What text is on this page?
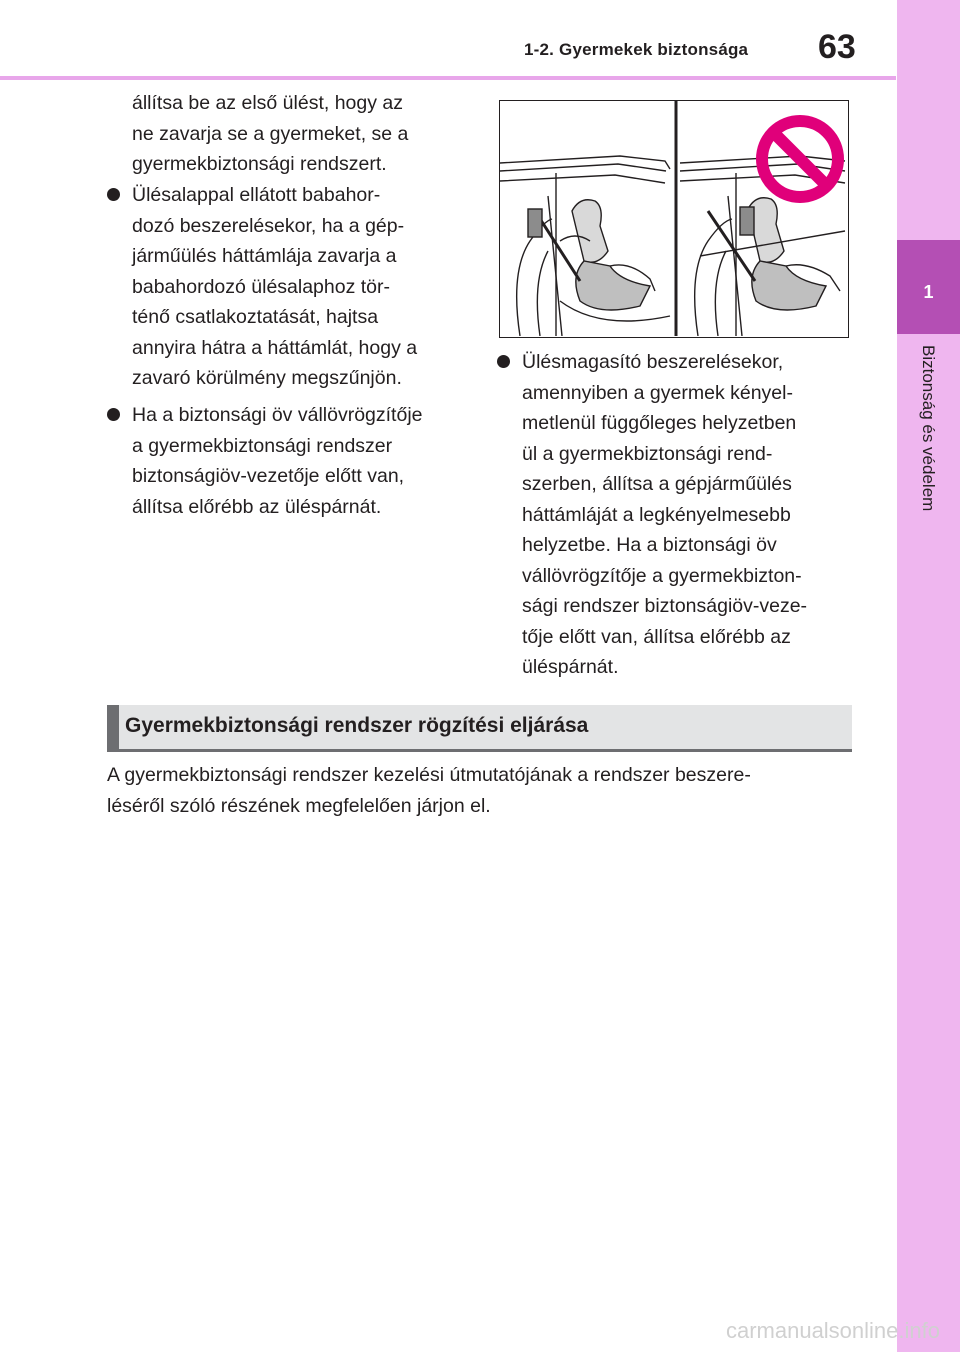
1-2. Gyermekek biztonsága 63
1
Biztonság és védelem
állítsa be az első ülést, hogy az
ne zavarja se a gyermeket, se a
gyermekbiztonsági rendszert.
Ülésalappal ellátott babahor-
dozó beszerelésekor, ha a gép-
járműülés háttámlája zavarja a
babahordozó ülésalaphoz tör-
ténő csatlakoztatását, hajtsa
annyira hátra a háttámlát, hogy a
zavaró körülmény megszűnjön.
Ha a biztonsági öv vállövrögzítője
a gyermekbiztonsági rendszer
biztonságiöv-vezetője előtt van,
állítsa előrébb az üléspárnát.
Ülésmagasító beszerelésekor,
amennyiben a gyermek kényel-
metlenül függőleges helyzetben
ül a gyermekbiztonsági rend-
szerben, állítsa a gépjárműülés
háttámláját a legkényelmesebb
helyzetbe. Ha a biztonsági öv
vállövrögzítője a gyermekbizton-
sági rendszer biztonságiöv-veze-
tője előtt van, állítsa előrébb az
üléspárnát.
Gyermekbiztonsági rendszer rögzítési eljárása
A gyermekbiztonsági rendszer kezelési útmutatójának a rendszer beszere-
léséről szóló részének megfelelően járjon el.
carmanualsonline.info
